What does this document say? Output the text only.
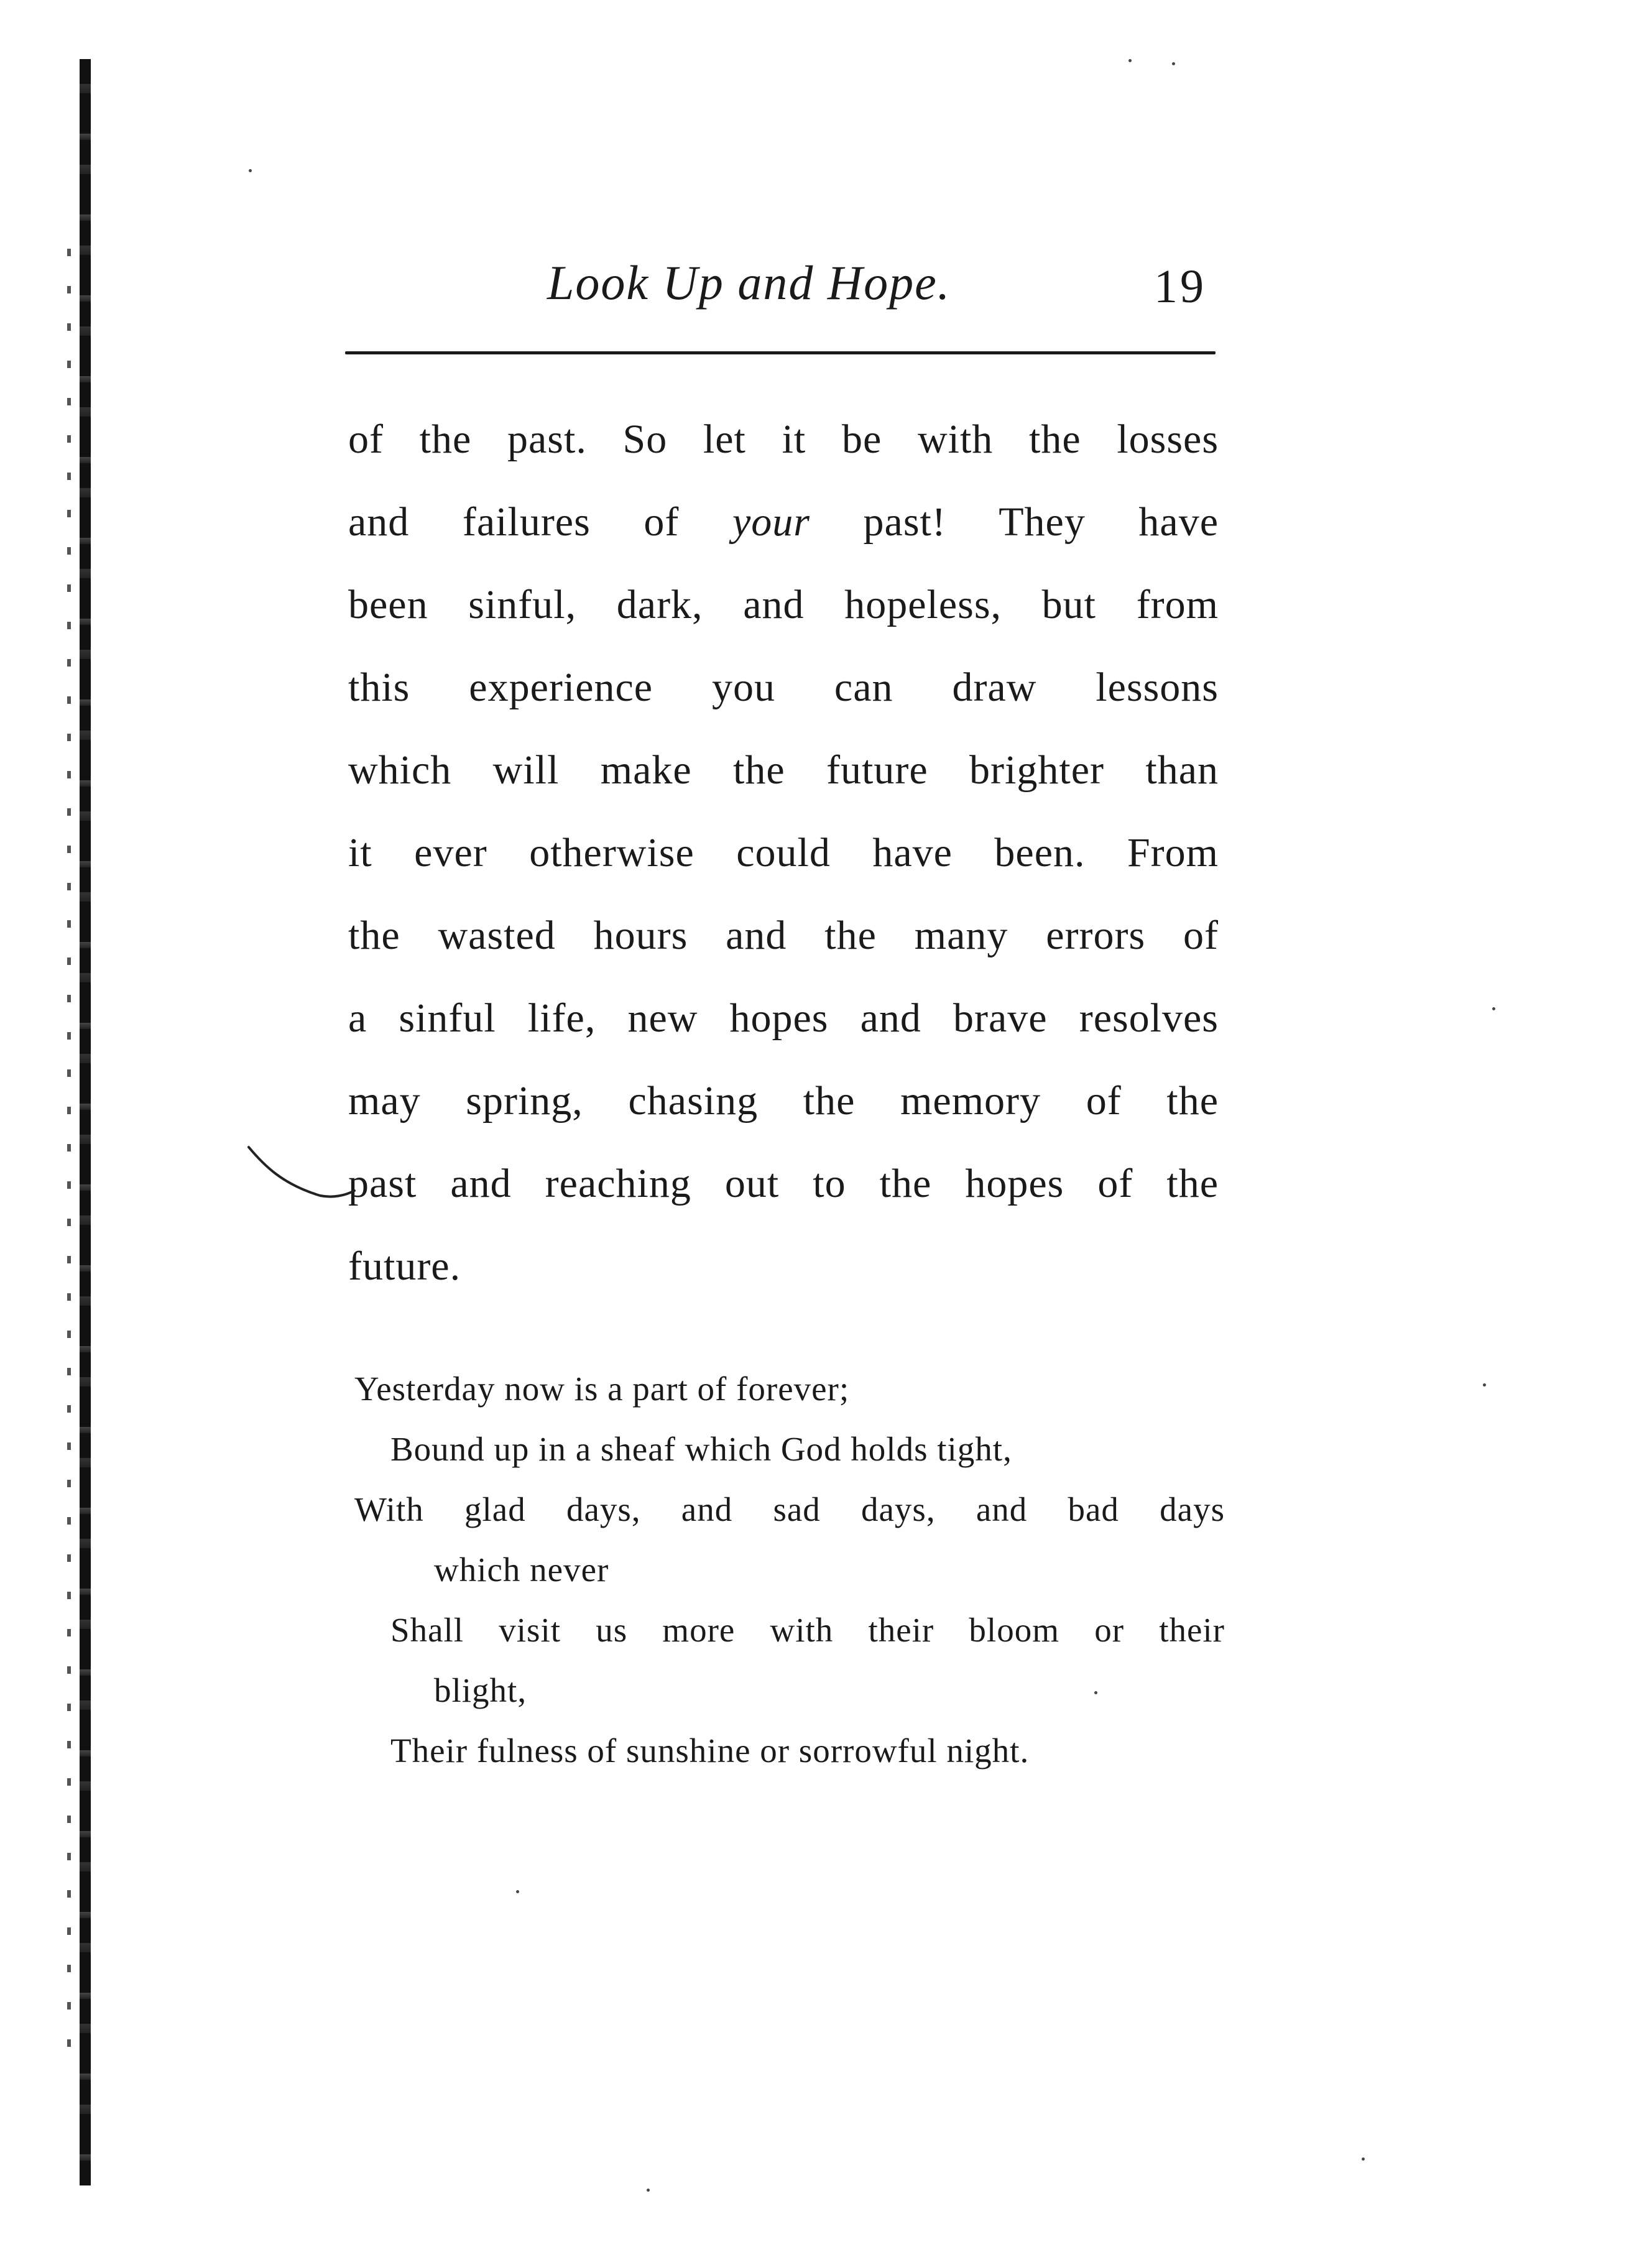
Look Up and Hope.	19
of the past. So let it be with the losses
and failures of your past! They have
been sinful, dark, and hopeless, but from
this experience you can draw lessons
which will make the future brighter than
it ever otherwise could have been. From
the wasted hours and the many errors of
a sinful life, new hopes and brave resolves
may spring, chasing the memory of the
past and reaching out to the hopes of the
future.
Yesterday now is a part of forever;
Bound up in a sheaf which God holds tight,
With glad days, and sad days, and bad days
which never
Shall visit us more with their bloom or their
blight,
Their fulness of sunshine or sorrowful night.
